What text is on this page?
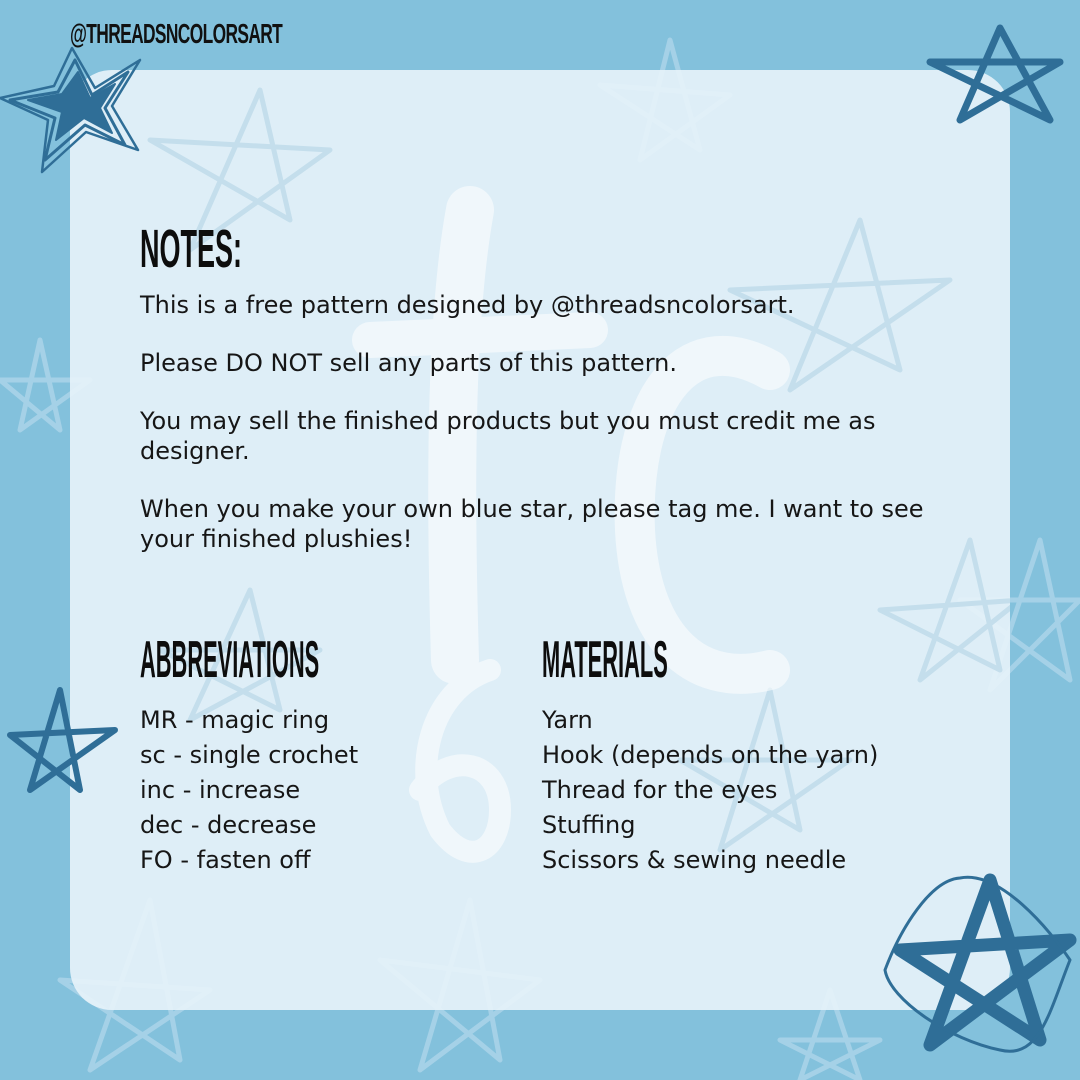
@THREADSNCOLORSART
NOTES:

This is a free pattern designed by @threadsncolorsart.

Please DO NOT sell any parts of this pattern.

You may sell the finished products but you must credit me as designer.

When you make your own blue star, please tag me. I want to see your finished plushies!

ABBREVIATIONS
MR - magic ring
sc - single crochet
inc - increase
dec - decrease
FO - fasten off
MATERIALS
Yarn
Hook (depends on the yarn)
Thread for the eyes
Stuffing
Scissors & sewing needle
